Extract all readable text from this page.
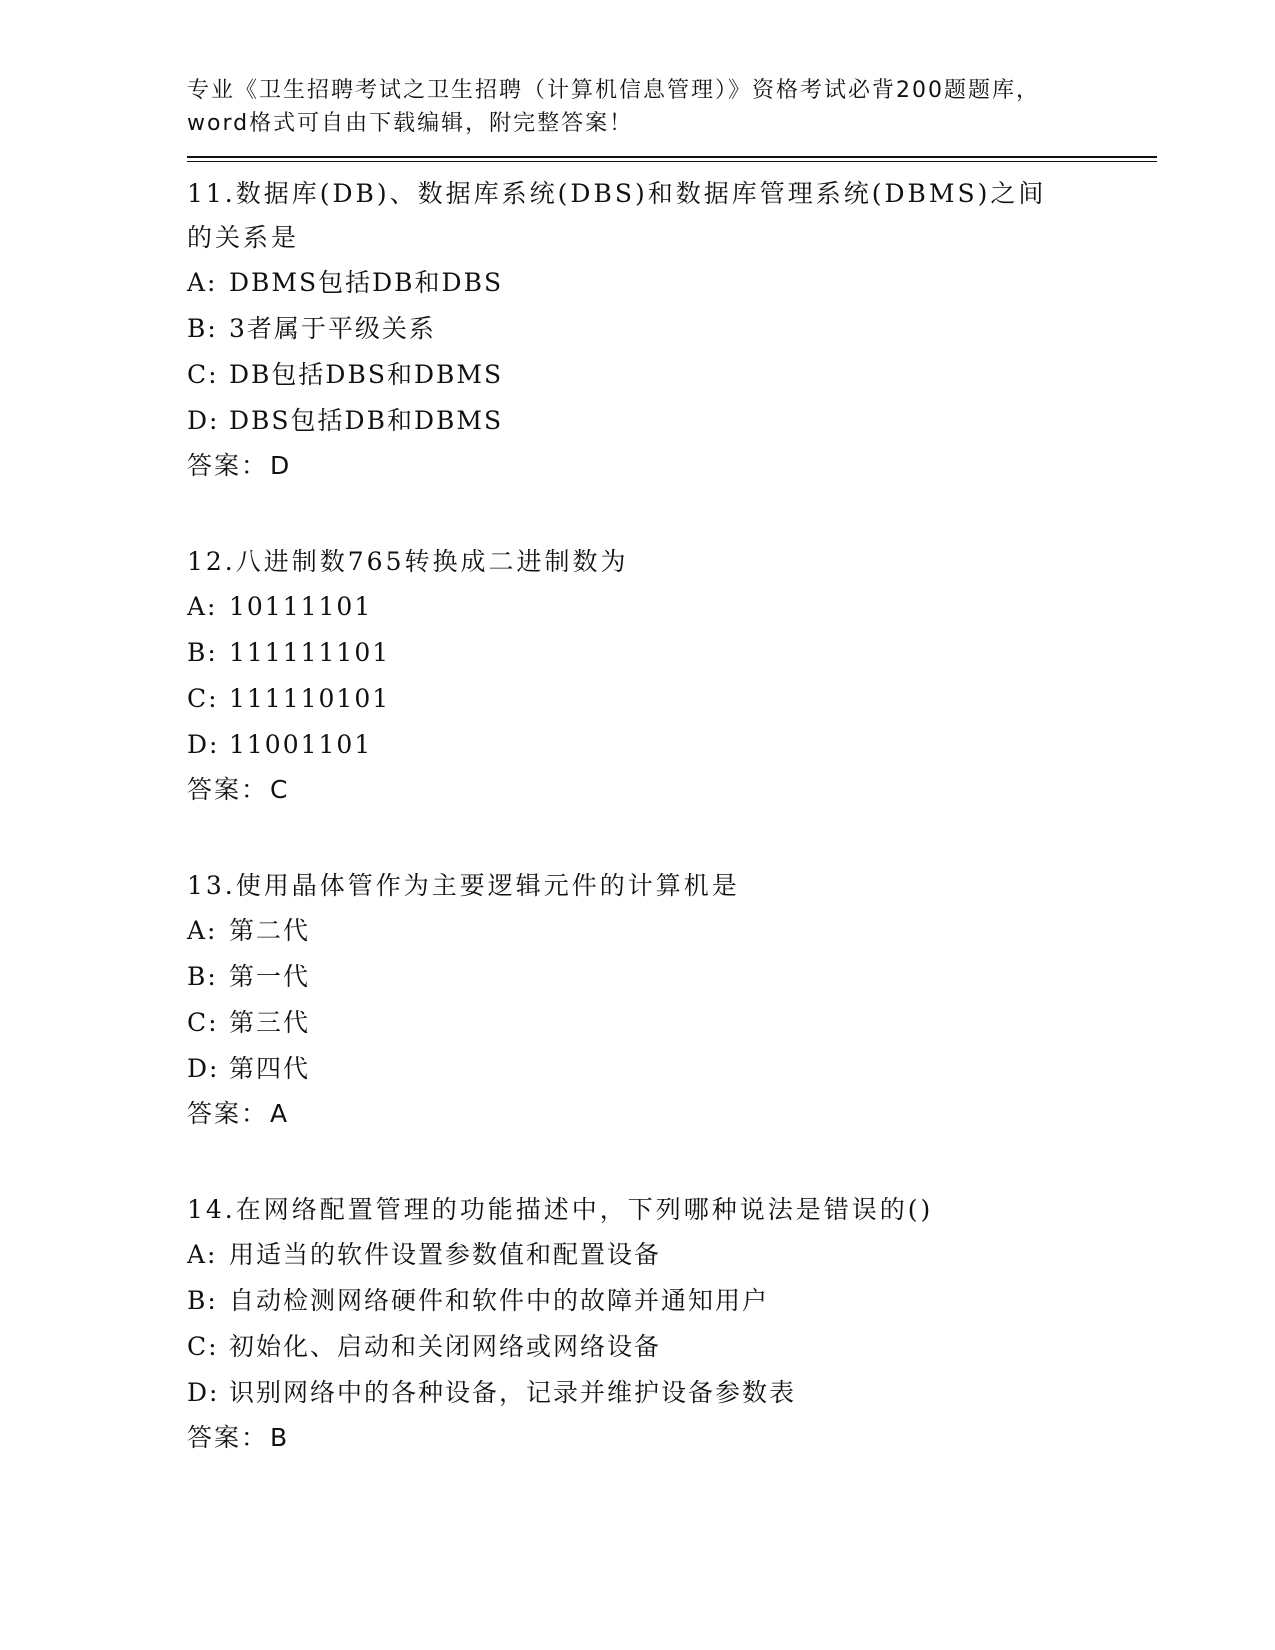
专业《卫生招聘考试之卫生招聘（计算机信息管理）》资格考试必背200题题库，
word格式可自由下载编辑，附完整答案！
11.数据库(DB)、数据库系统(DBS)和数据库管理系统(DBMS)之间的关系是
A: DBMS包括DB和DBS
B: 3者属于平级关系
C: DB包括DBS和DBMS
D: DBS包括DB和DBMS
答案： D
12.八进制数765转换成二进制数为
A: 10111101
B: 111111101
C: 111110101
D: 11001101
答案： C
13.使用晶体管作为主要逻辑元件的计算机是
A: 第二代
B: 第一代
C: 第三代
D: 第四代
答案： A
14.在网络配置管理的功能描述中，下列哪种说法是错误的()
A: 用适当的软件设置参数值和配置设备
B: 自动检测网络硬件和软件中的故障并通知用户
C: 初始化、启动和关闭网络或网络设备
D: 识别网络中的各种设备，记录并维护设备参数表
答案： B
